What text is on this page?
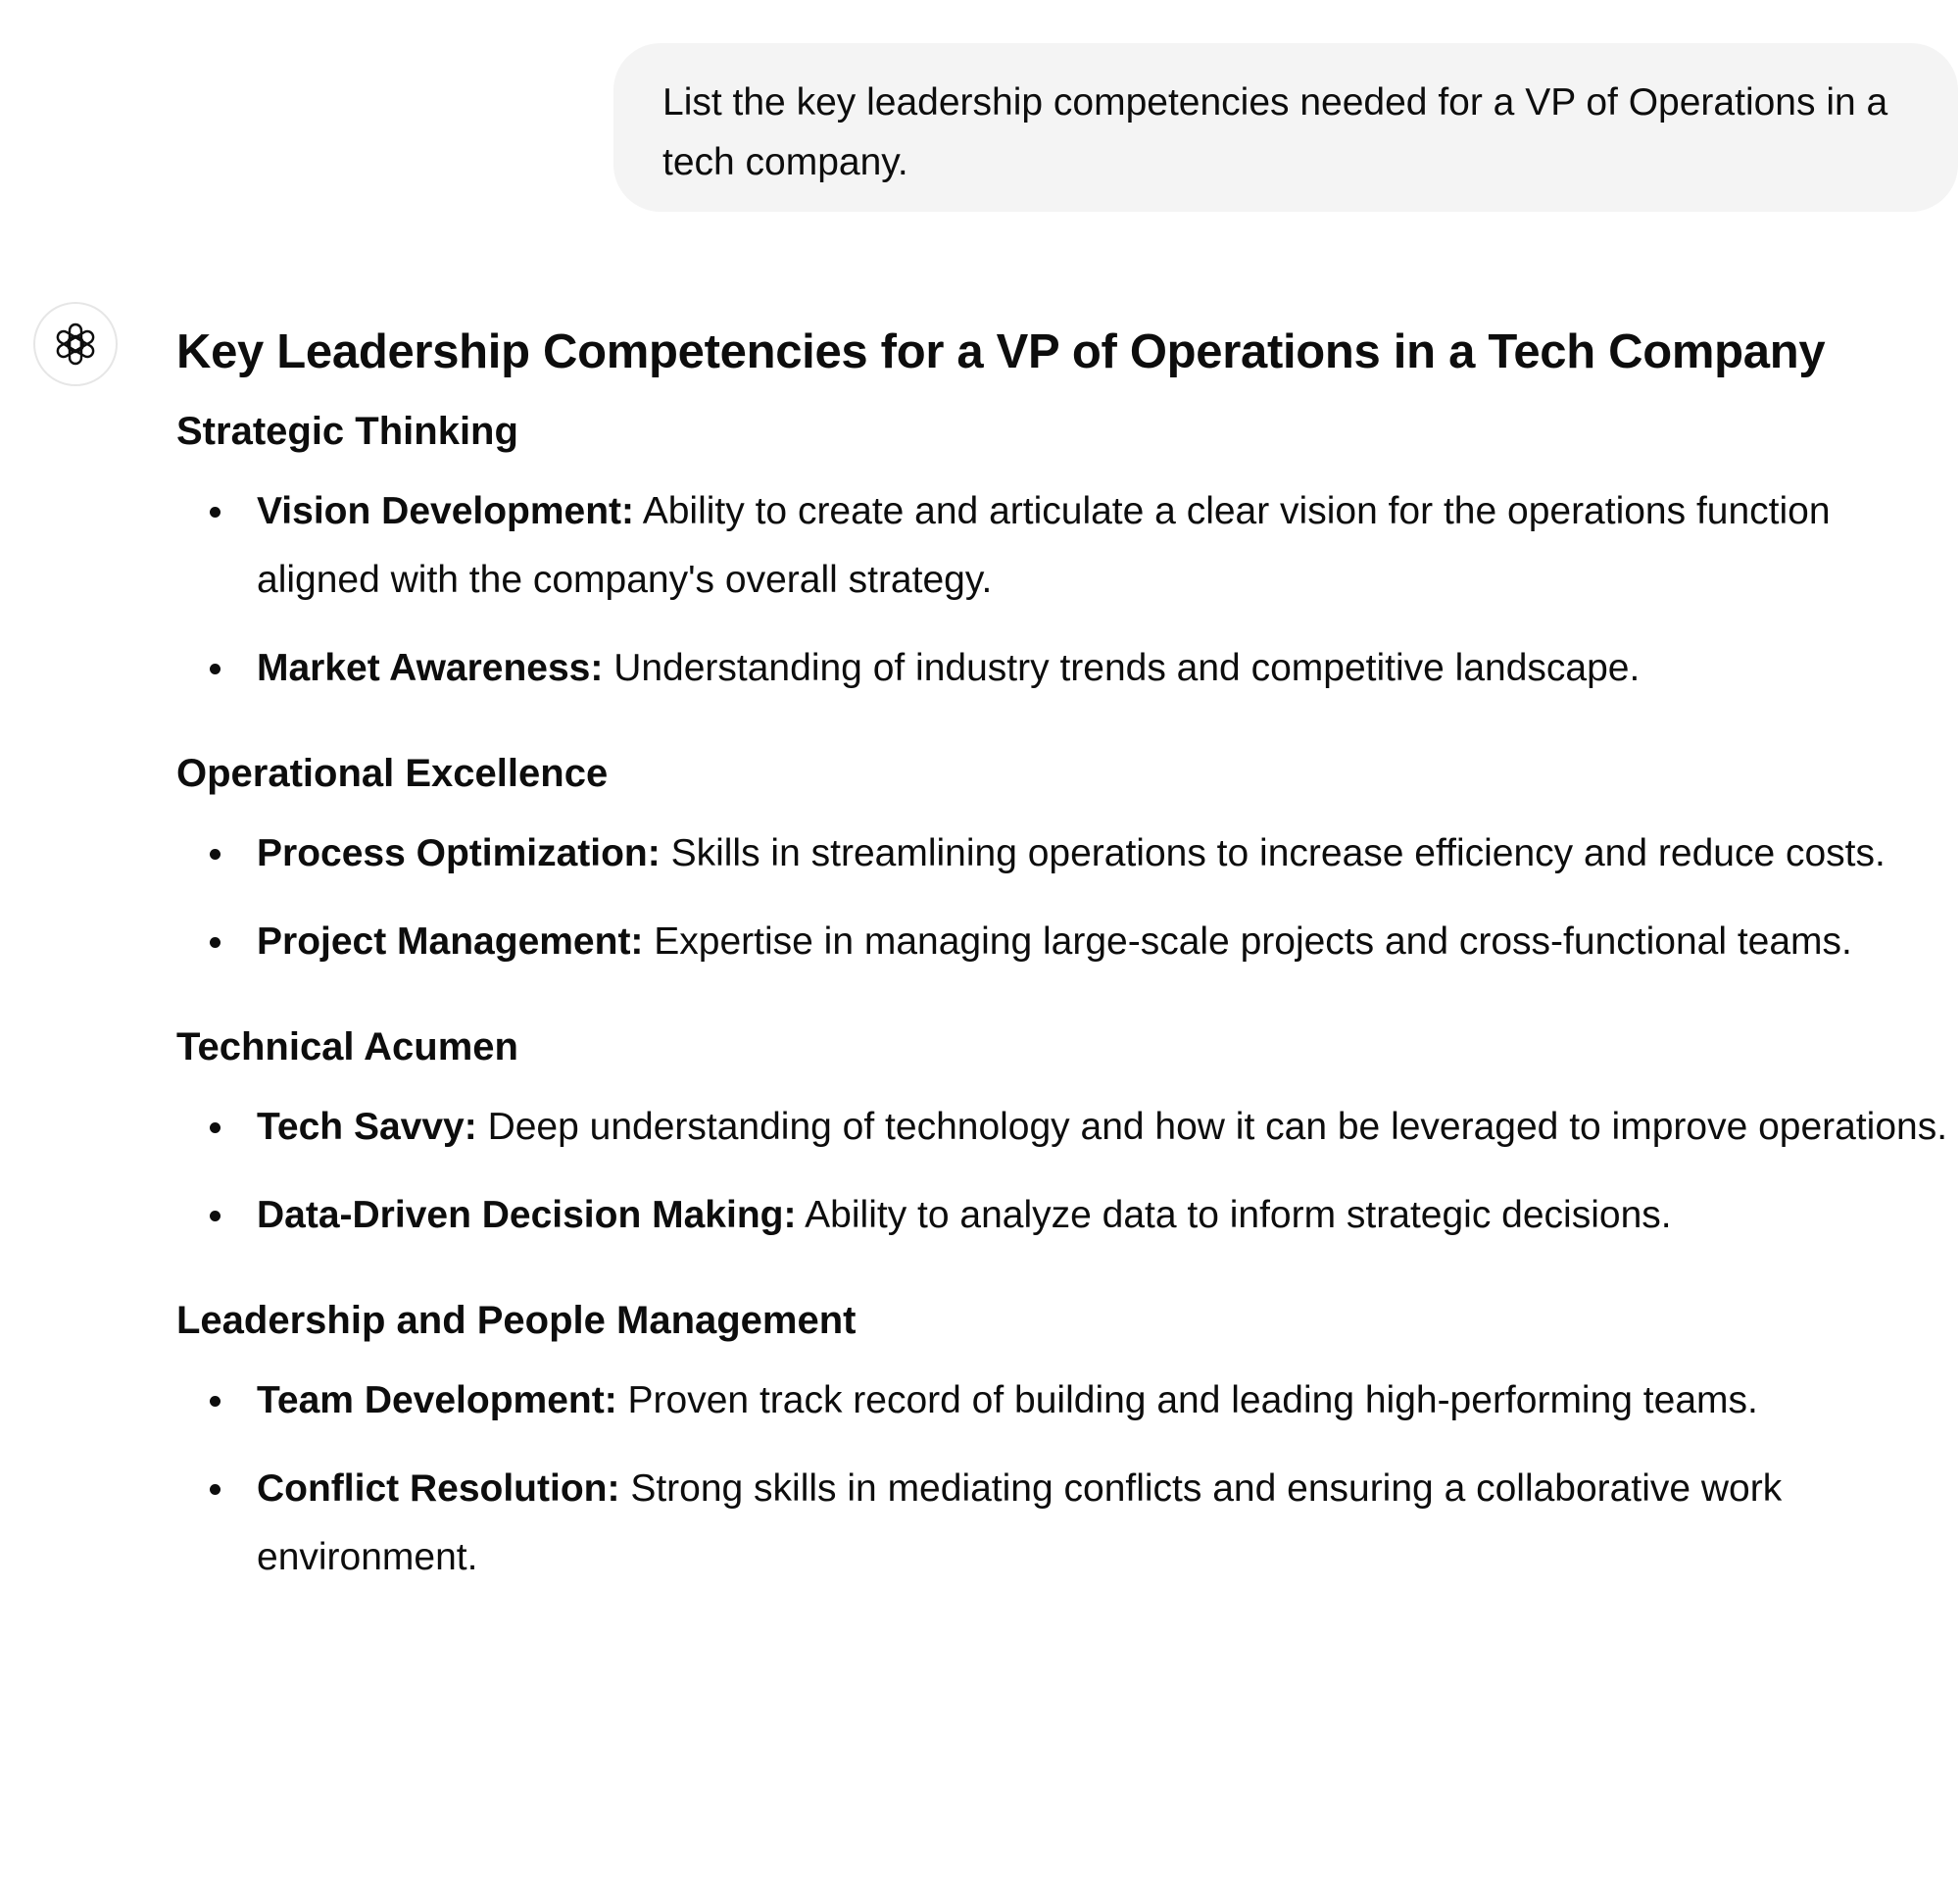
List the key leadership competencies needed for a VP of Operations in a tech company.
Key Leadership Competencies for a VP of Operations in a Tech Company
Strategic Thinking
Vision Development: Ability to create and articulate a clear vision for the operations function aligned with the company's overall strategy.
Market Awareness: Understanding of industry trends and competitive landscape.
Operational Excellence
Process Optimization: Skills in streamlining operations to increase efficiency and reduce costs.
Project Management: Expertise in managing large-scale projects and cross-functional teams.
Technical Acumen
Tech Savvy: Deep understanding of technology and how it can be leveraged to improve operations.
Data-Driven Decision Making: Ability to analyze data to inform strategic decisions.
Leadership and People Management
Team Development: Proven track record of building and leading high-performing teams.
Conflict Resolution: Strong skills in mediating conflicts and ensuring a collaborative work environment.
